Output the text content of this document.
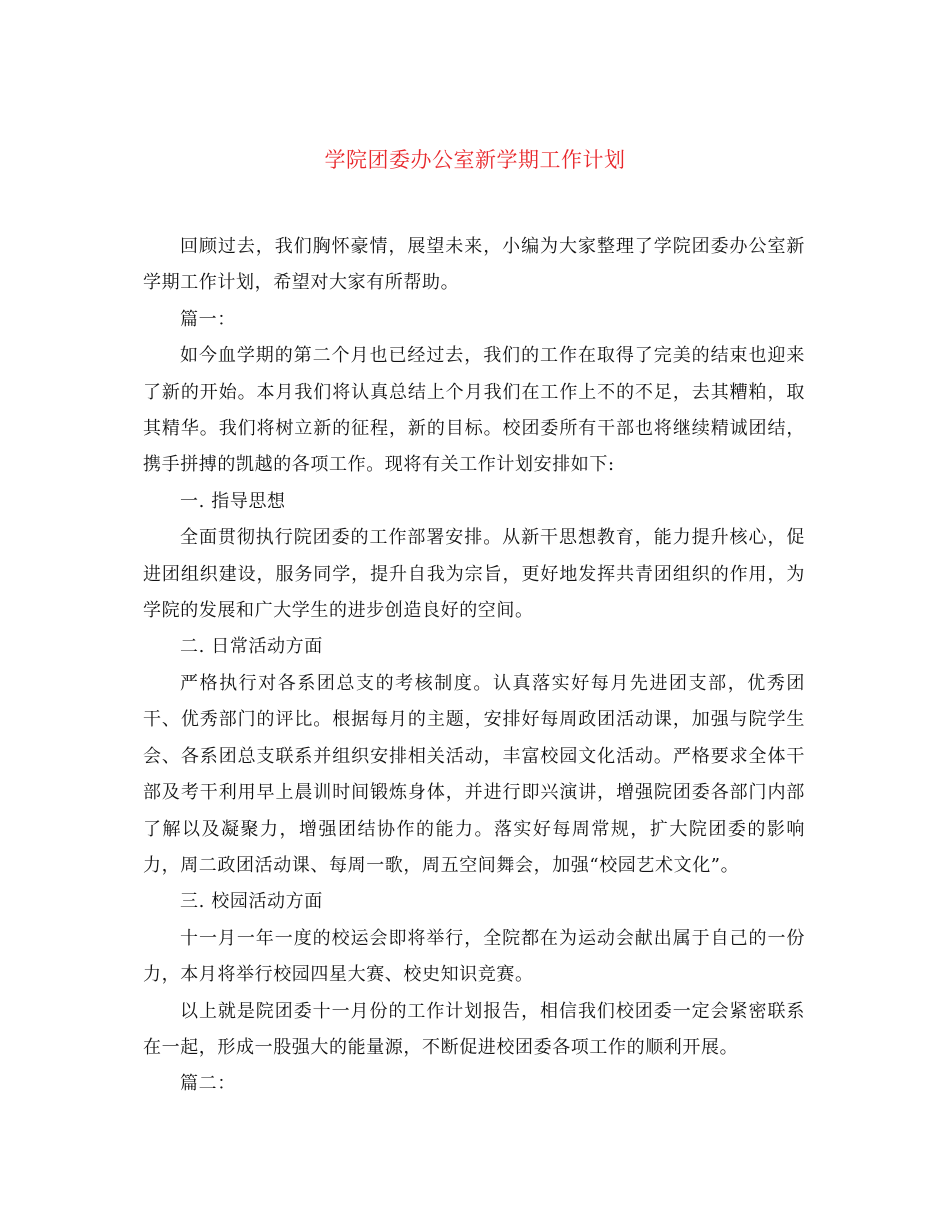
学院团委办公室新学期工作计划

回顾过去，我们胸怀豪情，展望未来，小编为大家整理了学院团委办公室新学期工作计划，希望对大家有所帮助。

篇一：

如今血学期的第二个月也已经过去，我们的工作在取得了完美的结束也迎来了新的开始。本月我们将认真总结上个月我们在工作上不的不足，去其糟粕，取其精华。我们将树立新的征程，新的目标。校团委所有干部也将继续精诚团结，携手拼搏的凯越的各项工作。现将有关工作计划安排如下:

一. 指导思想

全面贯彻执行院团委的工作部署安排。从新干思想教育，能力提升核心，促进团组织建设，服务同学，提升自我为宗旨，更好地发挥共青团组织的作用，为学院的发展和广大学生的进步创造良好的空间。

二. 日常活动方面

严格执行对各系团总支的考核制度。认真落实好每月先进团支部，优秀团干、优秀部门的评比。根据每月的主题，安排好每周政团活动课，加强与院学生会、各系团总支联系并组织安排相关活动，丰富校园文化活动。严格要求全体干部及考干利用早上晨训时间锻炼身体，并进行即兴演讲，增强院团委各部门内部了解以及凝聚力，增强团结协作的能力。落实好每周常规，扩大院团委的影响力，周二政团活动课、每周一歌，周五空间舞会，加强“校园艺术文化”。

三. 校园活动方面

十一月一年一度的校运会即将举行，全院都在为运动会献出属于自己的一份力，本月将举行校园四星大赛、校史知识竞赛。

以上就是院团委十一月份的工作计划报告，相信我们校团委一定会紧密联系在一起，形成一股强大的能量源，不断促进校团委各项工作的顺利开展。

篇二：
